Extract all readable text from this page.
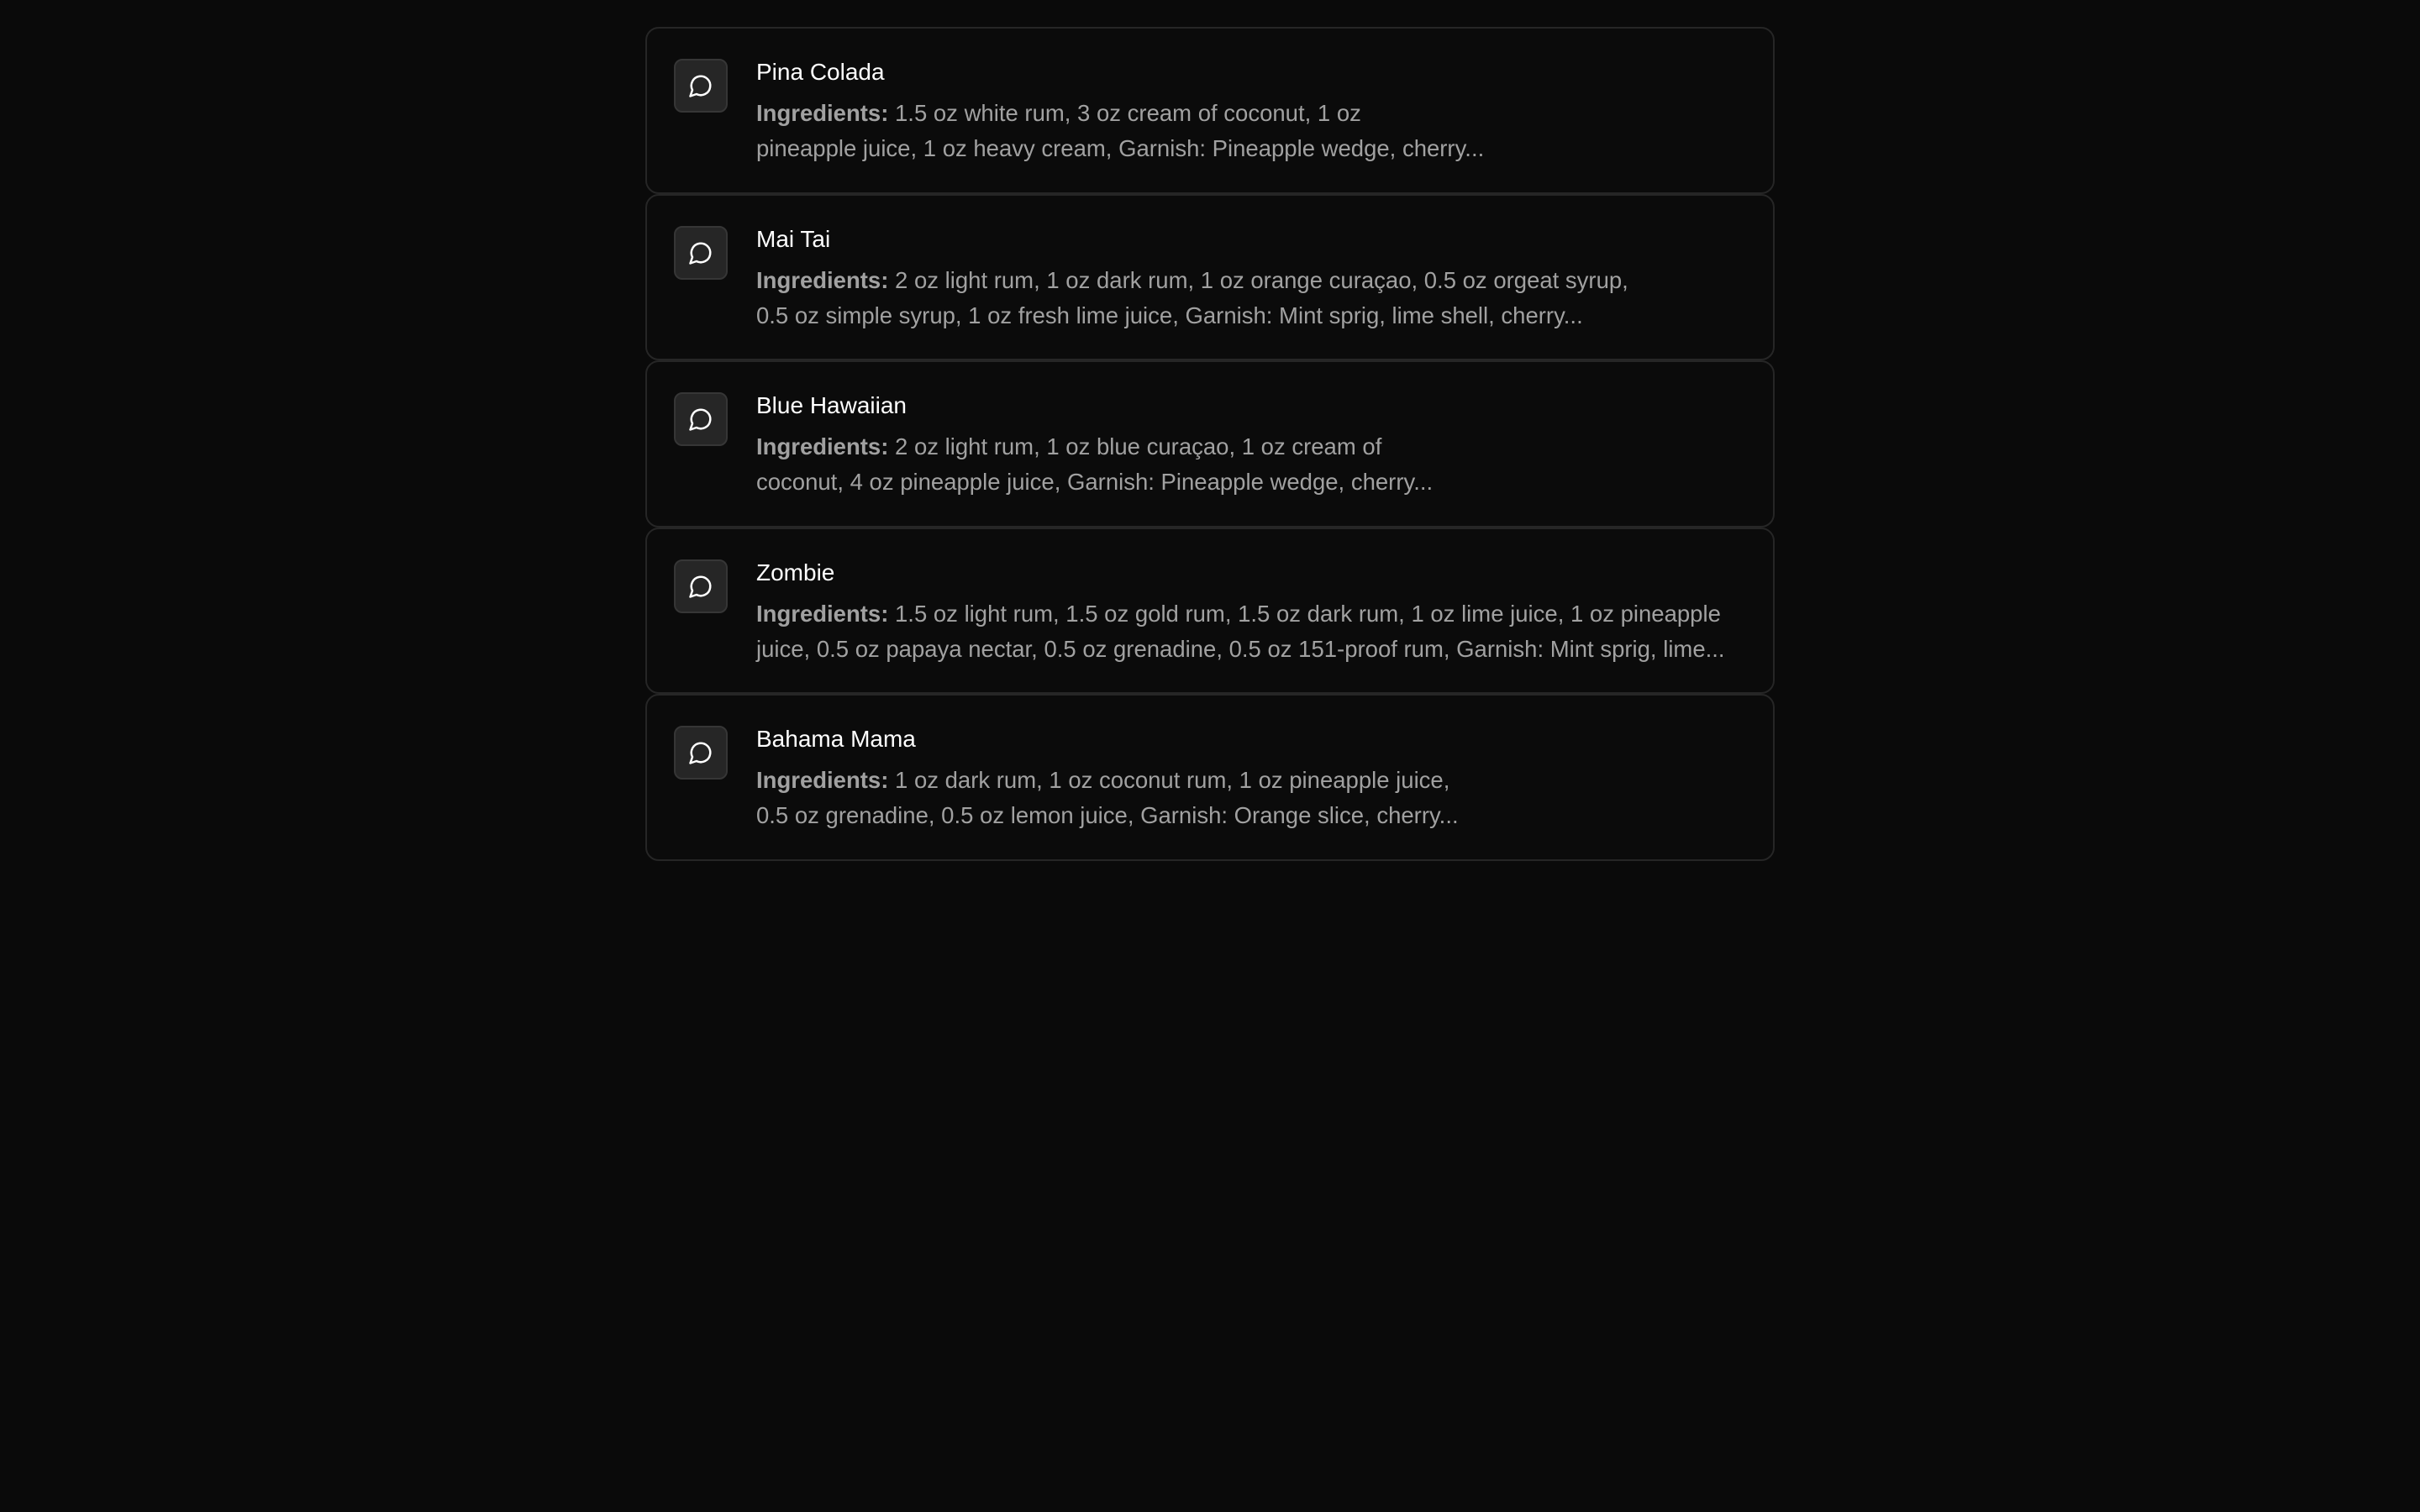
Pina Colada

Ingredients: 1.5 oz white rum, 3 oz cream of coconut, 1 oz
pineapple juice, 1 oz heavy cream, Garnish: Pineapple wedge, cherry...

Mai Tai

Ingredients: 2 oz light rum, 1 oz dark rum, 1 oz orange curaçao, 0.5 oz orgeat syrup,
0.5 oz simple syrup, 1 oz fresh lime juice, Garnish: Mint sprig, lime shell, cherry...

Blue Hawaiian

Ingredients: 2 oz light rum, 1 oz blue curaçao, 1 oz cream of
coconut, 4 oz pineapple juice, Garnish: Pineapple wedge, cherry...

Zombie

Ingredients: 1.5 oz light rum, 1.5 oz gold rum, 1.5 oz dark rum, 1 oz lime juice, 1 oz pineapple
juice, 0.5 oz papaya nectar, 0.5 oz grenadine, 0.5 oz 151-proof rum, Garnish: Mint sprig, lime...

Bahama Mama

Ingredients: 1 oz dark rum, 1 oz coconut rum, 1 oz pineapple juice,
0.5 oz grenadine, 0.5 oz lemon juice, Garnish: Orange slice, cherry...
